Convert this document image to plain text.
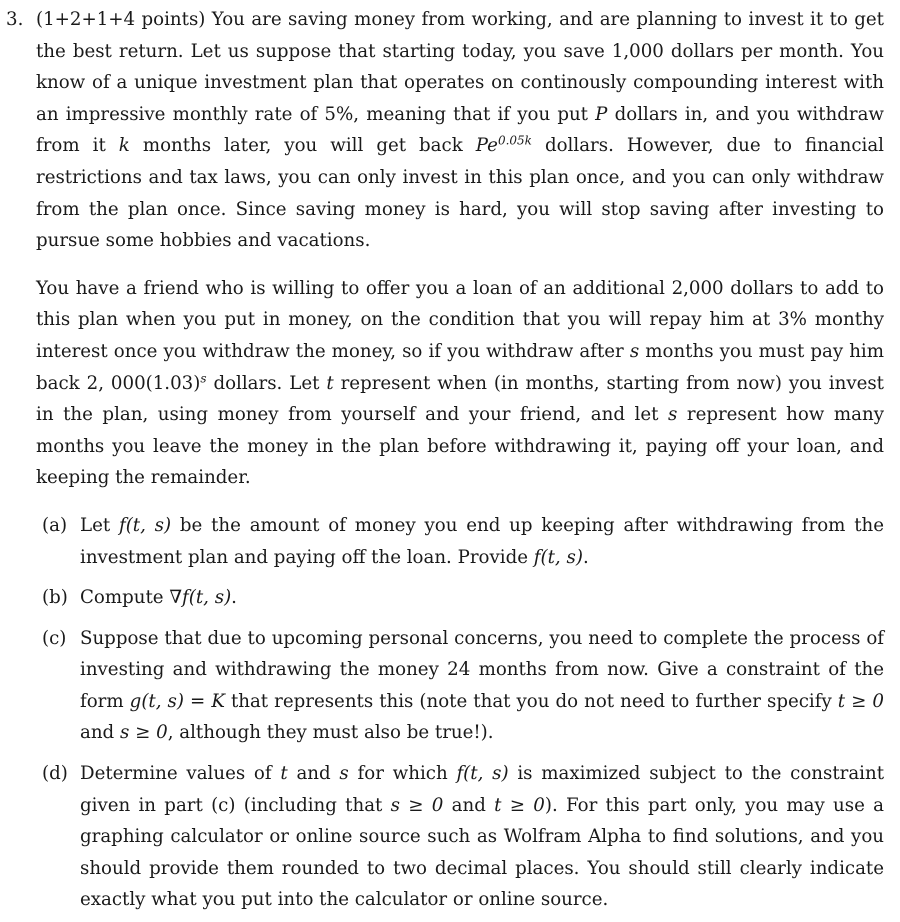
3. (1+2+1+4 points) You are saving money from working, and are planning to invest it to get the best return. Let us suppose that starting today, you save 1,000 dollars per month. You know of a unique investment plan that operates on continously compounding interest with an impressive monthly rate of 5%, meaning that if you put P dollars in, and you withdraw from it k months later, you will get back $Pe^{0.05k}$ dollars. However, due to financial restrictions and tax laws, you can only invest in this plan once, and you can only withdraw from the plan once. Since saving money is hard, you will stop saving after investing to pursue some hobbies and vacations.

You have a friend who is willing to offer you a loan of an additional 2,000 dollars to add to this plan when you put in money, on the condition that you will repay him at 3% monthy interest once you withdraw the money, so if you withdraw after s months you must pay him back 2, $000(1.03)^s$ dollars. Let t represent when (in months, starting from now) you invest in the plan, using money from yourself and your friend, and let s represent how many months you leave the money in the plan before withdrawing it, paying off your loan, and keeping the remainder.

(a) Let f(t, s) be the amount of money you end up keeping after withdrawing from the investment plan and paying off the loan. Provide f(t, s).

(b) Compute ∇f(t, s).

(c) Suppose that due to upcoming personal concerns, you need to complete the process of investing and withdrawing the money 24 months from now. Give a constraint of the form g(t, s) = K that represents this (note that you do not need to further specify t ≥ 0 and s ≥ 0, although they must also be true!).

(d) Determine values of t and s for which f(t, s) is maximized subject to the constraint given in part (c) (including that s ≥ 0 and t ≥ 0). For this part only, you may use a graphing calculator or online source such as Wolfram Alpha to find solutions, and you should provide them rounded to two decimal places. You should still clearly indicate exactly what you put into the calculator or online source.
